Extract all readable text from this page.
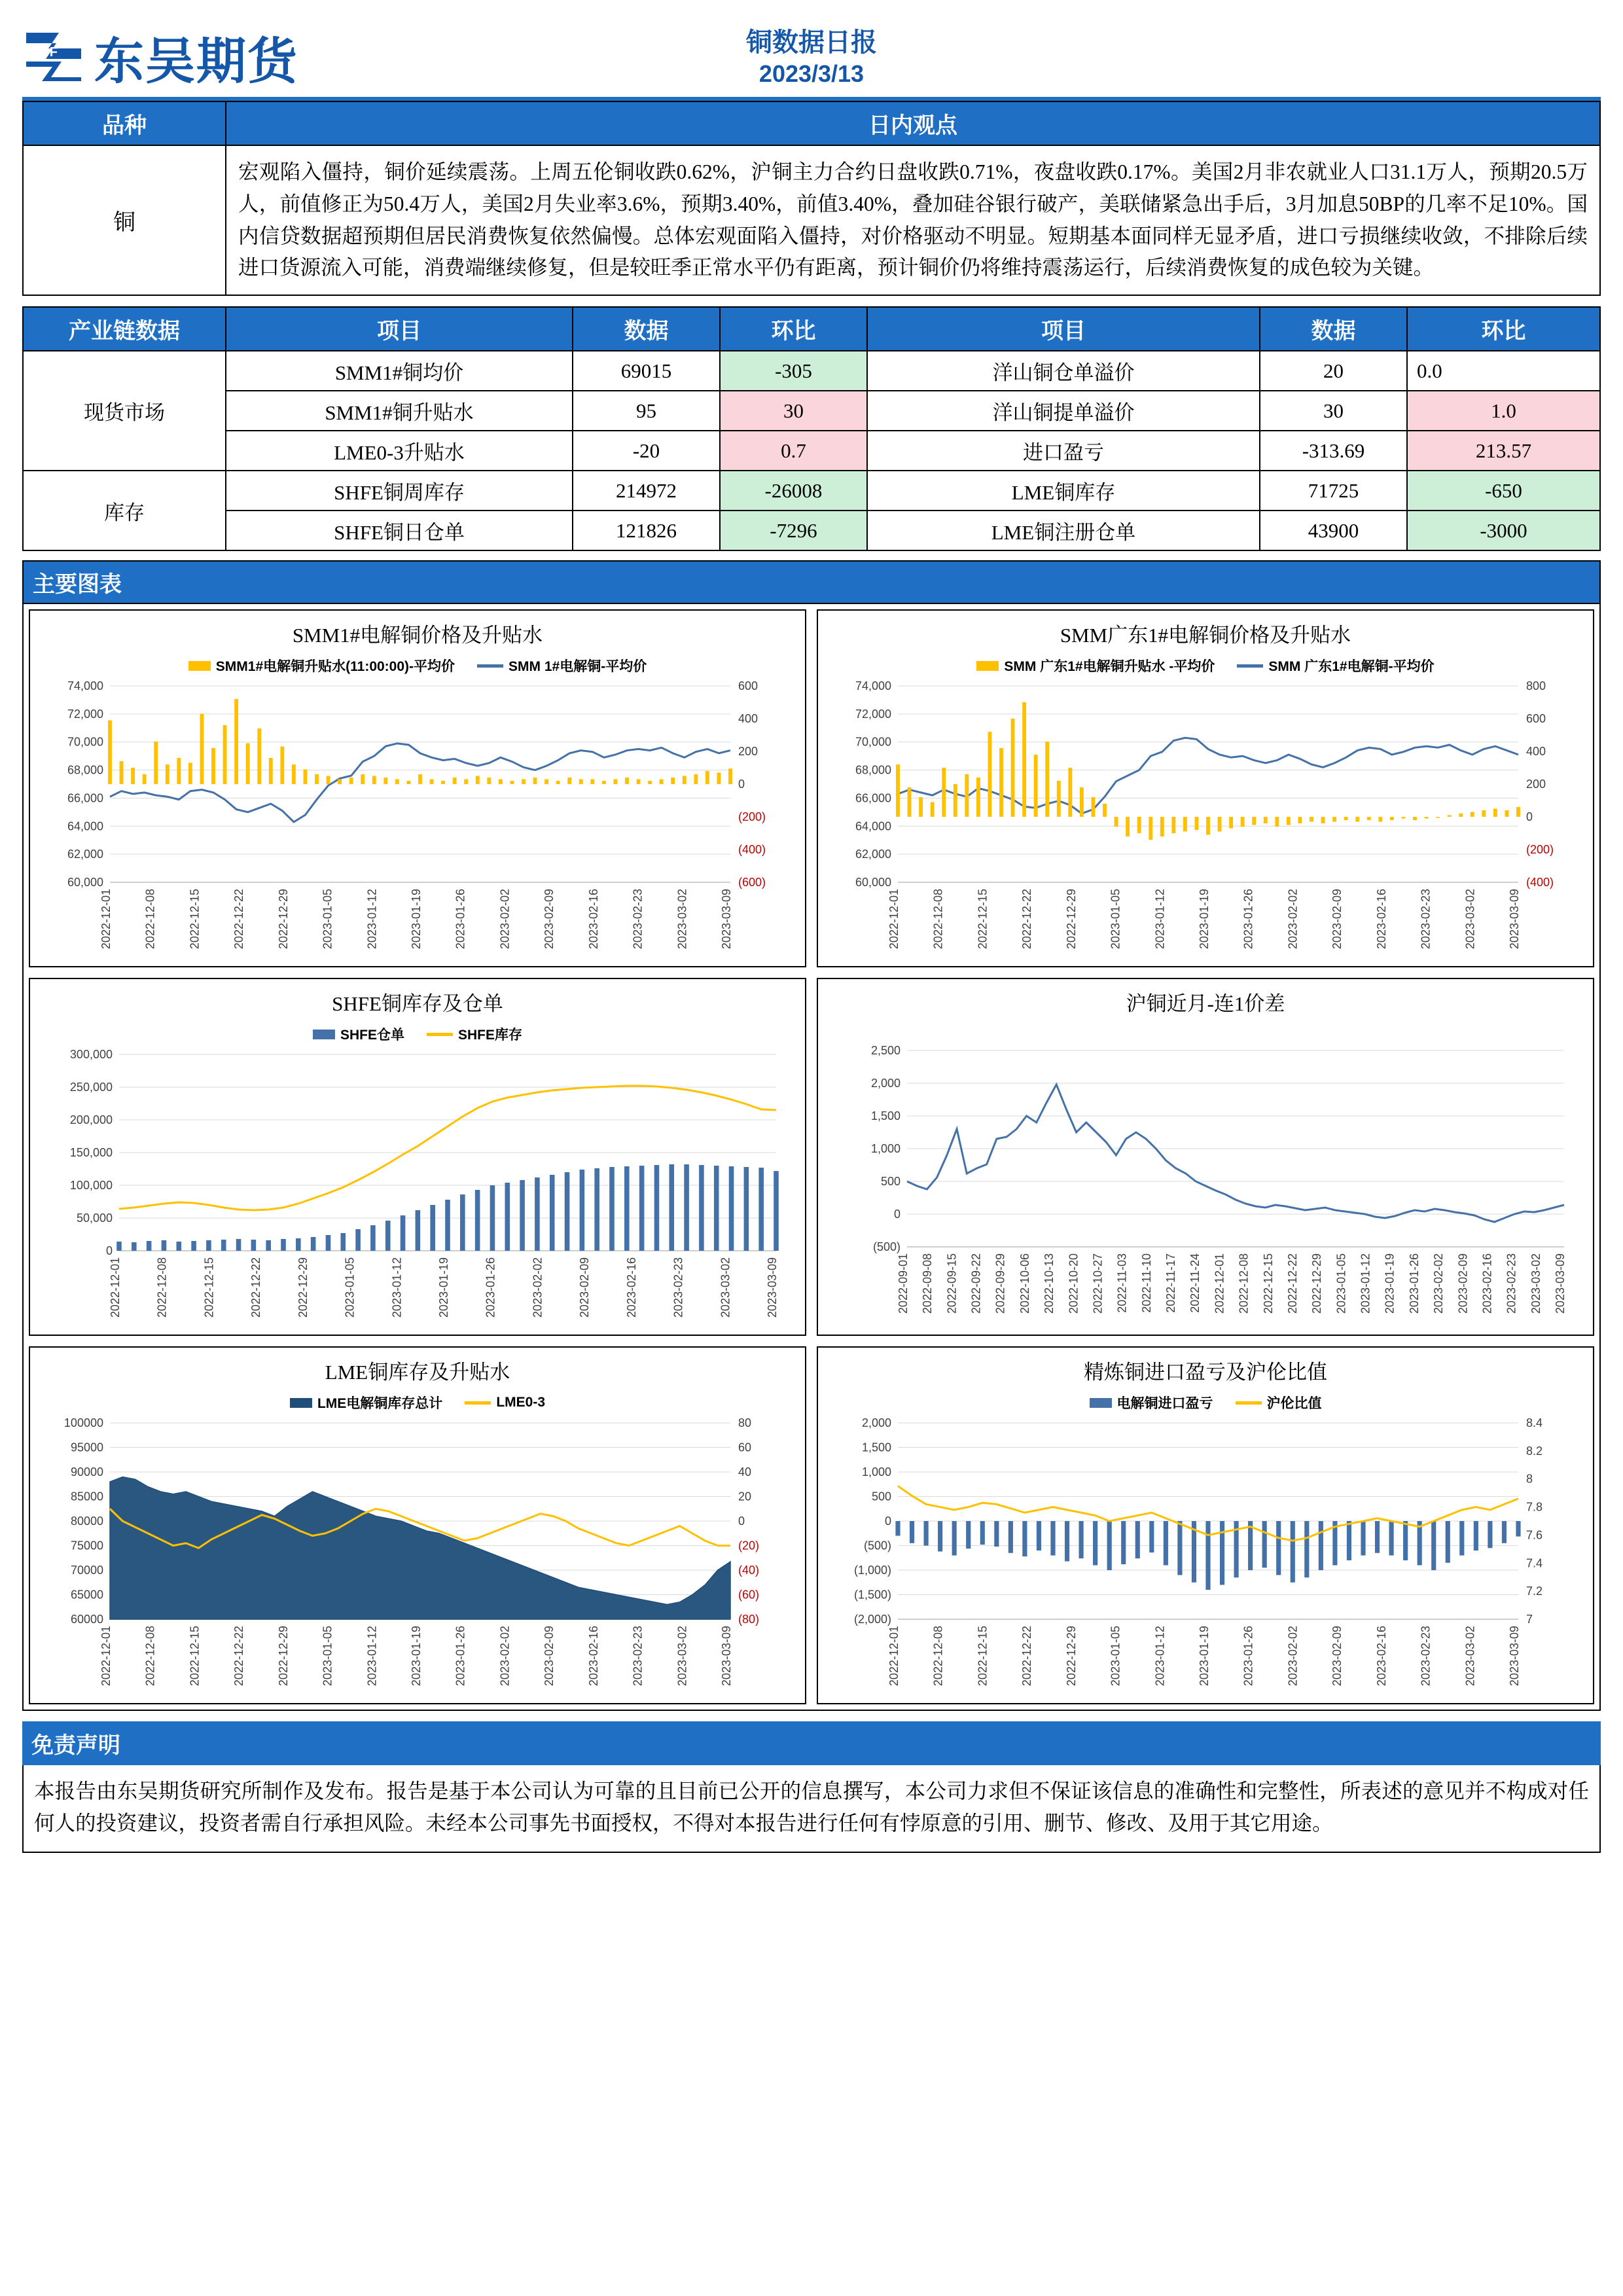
SCF 东吴期货	铜数据日报
2023/3/13
品种	日内观点
铜	宏观陷入僵持，铜价延续震荡。上周五伦铜收跌0.62%，沪铜主力合约日盘收跌0.71%，夜盘收跌0.17%。美国2月非农就业人口31.1万人，预期20.5万人，前值修正为50.4万人，美国2月失业率3.6%，预期3.40%，前值3.40%，叠加硅谷银行破产，美联储紧急出手后，3月加息50BP的几率不足10%。国内信贷数据超预期但居民消费恢复依然偏慢。总体宏观面陷入僵持，对价格驱动不明显。短期基本面同样无显矛盾，进口亏损继续收敛，不排除后续进口货源流入可能，消费端继续修复，但是较旺季正常水平仍有距离，预计铜价仍将维持震荡运行，后续消费恢复的成色较为关键。
产业链数据	项目	数据	环比	项目	数据	环比
现货市场	SMM1#铜均价	69015	-305	洋山铜仓单溢价	20	0.0
	SMM1#铜升贴水	95	30	洋山铜提单溢价	30	1.0
	LME0-3升贴水	-20	0.7	进口盈亏	-313.69	213.57
库存	SHFE铜周库存	214972	-26008	LME铜库存	71725	-650
	SHFE铜日仓单	121826	-7296	LME铜注册仓单	43900	-3000
主要图表
SMM1#电解铜价格及升贴水
SMM1#电解铜升贴水(11:00:00)-平均价	SMM 1#电解铜-平均价
74,000
72,000
70,000
68,000
66,000
64,000
62,000
60,000
600
400
200
0
(200)
(400)
(600)
2022-12-01	2022-12-08	2022-12-15	2022-12-22	2022-12-29	2023-01-05	2023-01-12	2023-01-19	2023-01-26	2023-02-02	2023-02-09	2023-02-16	2023-02-23	2023-03-02	2023-03-09
SMM广东1#电解铜价格及升贴水
SMM 广东1#电解铜升贴水 -平均价	SMM 广东1#电解铜-平均价
74,000
72,000
70,000
68,000
66,000
64,000
62,000
60,000
800
600
400
200
0
(200)
(400)
2022-12-01	2022-12-08	2022-12-15	2022-12-22	2022-12-29	2023-01-05	2023-01-12	2023-01-19	2023-01-26	2023-02-02	2023-02-09	2023-02-16	2023-02-23	2023-03-02	2023-03-09
SHFE铜库存及仓单
SHFE仓单	SHFE库存
300,000
250,000
200,000
150,000
100,000
50,000
0
2022-12-01	2022-12-08	2022-12-15	2022-12-22	2022-12-29	2023-01-05	2023-01-12	2023-01-19	2023-01-26	2023-02-02	2023-02-09	2023-02-16	2023-02-23	2023-03-02	2023-03-09
沪铜近月-连1价差
2,500
2,000
1,500
1,000
500
0
(500)
2022-09-01 2022-09-08 2022-09-15 2022-09-22 2022-09-29 2022-10-06 2022-10-13 2022-10-20 2022-10-27 2022-11-03 2022-11-10 2022-11-17 2022-11-24 2022-12-01 2022-12-08 2022-12-15 2022-12-22 2022-12-29 2023-01-05 2023-01-12 2023-01-19 2023-01-26 2023-02-02 2023-02-09 2023-02-16 2023-02-23 2023-03-02 2023-03-09
LME铜库存及升贴水
LME电解铜库存总计	LME0-3
100000
95000
90000
85000
80000
75000
70000
65000
60000
80
60
40
20
0
(20)
(40)
(60)
(80)
2022-12-01	2022-12-08	2022-12-15	2022-12-22	2022-12-29	2023-01-05	2023-01-12	2023-01-19	2023-01-26	2023-02-02	2023-02-09	2023-02-16	2023-02-23	2023-03-02	2023-03-09
精炼铜进口盈亏及沪伦比值
电解铜进口盈亏	沪伦比值
2,000
1,500
1,000
500
0
(500)
(1,000)
(1,500)
(2,000)
8.4
8.2
8
7.8
7.6
7.4
7.2
7
2022-12-01	2022-12-08	2022-12-15	2022-12-22	2022-12-29	2023-01-05	2023-01-12	2023-01-19	2023-01-26	2023-02-02	2023-02-09	2023-02-16	2023-02-23	2023-03-02	2023-03-09
免责声明
本报告由东吴期货研究所制作及发布。报告是基于本公司认为可靠的且目前已公开的信息撰写，本公司力求但不保证该信息的准确性和完整性，所表述的意见并不构成对任何人的投资建议，投资者需自行承担风险。未经本公司事先书面授权，不得对本报告进行任何有悖原意的引用、删节、修改、及用于其它用途。
